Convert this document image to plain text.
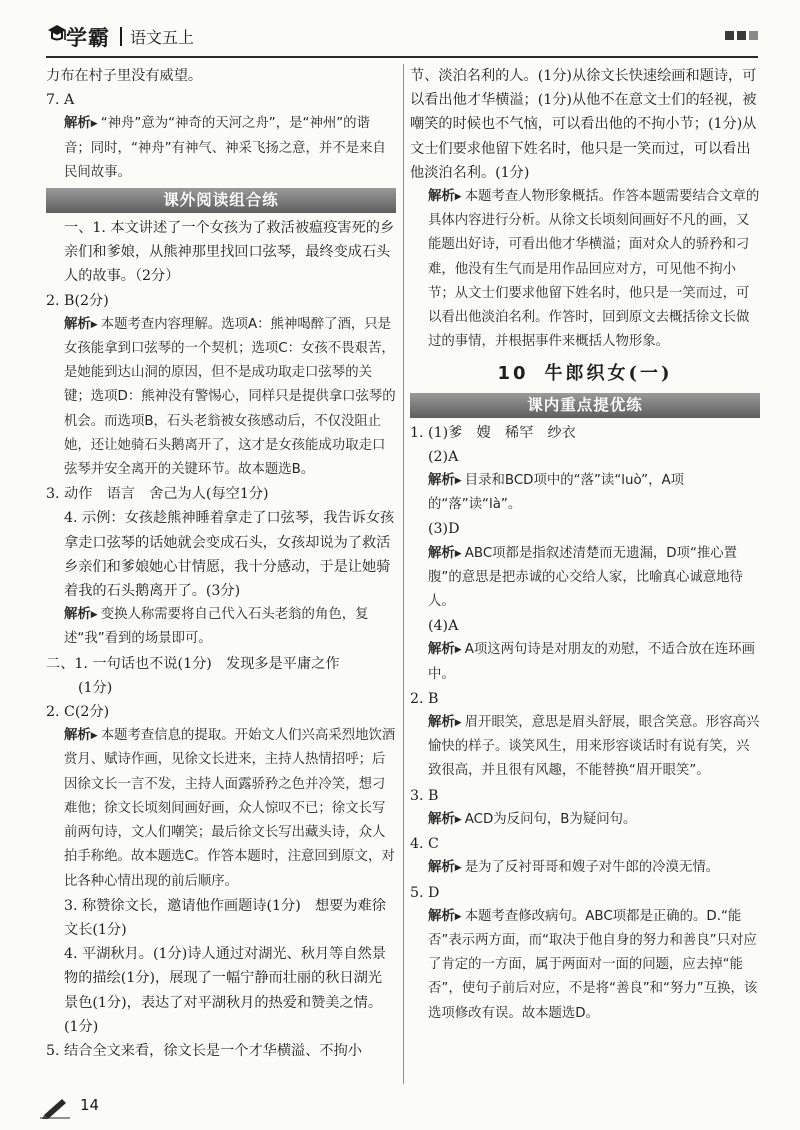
学霸 语文五上

力布在村子里没有威望。

7. A

解析▶ “神舟”意为“神奇的天河之舟”，是“神州”的谐音；同时，“神舟”有神气、神采飞扬之意，并不是来自民间故事。

课外阅读组合练

一、1. 本文讲述了一个女孩为了救活被瘟疫害死的乡亲们和爹娘，从熊神那里找回口弦琴，最终变成石头人的故事。（2分）

2. B(2分)

解析▶ 本题考查内容理解。选项A：熊神喝醉了酒，只是女孩能拿到口弦琴的一个契机；选项C：女孩不畏艰苦，是她能到达山洞的原因，但不是成功取走口弦琴的关键；选项D：熊神没有警惕心，同样只是提供拿口弦琴的机会。而选项B，石头老翁被女孩感动后，不仅没阻止她，还让她骑石头鹅离开了，这才是女孩能成功取走口弦琴并安全离开的关键环节。故本题选B。

3. 动作　语言　舍己为人(每空1分)

4. 示例：女孩趁熊神睡着拿走了口弦琴，我告诉女孩拿走口弦琴的话她就会变成石头，女孩却说为了救活乡亲们和爹娘她心甘情愿，我十分感动，于是让她骑着我的石头鹅离开了。(3分)

解析▶ 变换人称需要将自己代入石头老翁的角色，复述“我”看到的场景即可。

二、1. 一句话也不说(1分)　发现多是平庸之作

(1分)

2. C(2分)

解析▶ 本题考查信息的提取。开始文人们兴高采烈地饮酒赏月、赋诗作画，见徐文长进来，主持人热情招呼；后因徐文长一言不发，主持人面露骄矜之色并冷笑，想刁难他；徐文长顷刻间画好画，众人惊叹不已；徐文长写前两句诗，文人们嘲笑；最后徐文长写出藏头诗，众人拍手称绝。故本题选C。作答本题时，注意回到原文，对比各种心情出现的前后顺序。

3. 称赞徐文长，邀请他作画题诗(1分)　想要为难徐文长(1分)

4. 平湖秋月。(1分)诗人通过对湖光、秋月等自然景物的描绘(1分)，展现了一幅宁静而壮丽的秋日湖光景色(1分)，表达了对平湖秋月的热爱和赞美之情。(1分)

5. 结合全文来看，徐文长是一个才华横溢、不拘小

节、淡泊名利的人。(1分)从徐文长快速绘画和题诗，可以看出他才华横溢；(1分)从他不在意文士们的轻视，被嘲笑的时候也不气恼，可以看出他的不拘小节；(1分)从文士们要求他留下姓名时，他只是一笑而过，可以看出他淡泊名利。(1分)

解析▶ 本题考查人物形象概括。作答本题需要结合文章的具体内容进行分析。从徐文长顷刻间画好不凡的画，又能题出好诗，可看出他才华横溢；面对众人的骄矜和刁难，他没有生气而是用作品回应对方，可见他不拘小节；从文士们要求他留下姓名时，他只是一笑而过，可以看出他淡泊名利。作答时，回到原文去概括徐文长做过的事情，并根据事件来概括人物形象。

10 牛郎织女(一)
课内重点提优练

1. (1)爹　嫂　稀罕　纱衣

(2)A

解析▶ 目录和BCD项中的“落”读“luò”，A项的“落”读“là”。

(3)D

解析▶ ABC项都是指叙述清楚而无遗漏，D项“推心置腹”的意思是把赤诚的心交给人家，比喻真心诚意地待人。

(4)A

解析▶ A项这两句诗是对朋友的劝慰，不适合放在连环画中。

2. B

解析▶ 眉开眼笑，意思是眉头舒展，眼含笑意。形容高兴愉快的样子。谈笑风生，用来形容谈话时有说有笑，兴致很高，并且很有风趣，不能替换“眉开眼笑”。

3. B

解析▶ ACD为反问句，B为疑问句。

4. C

解析▶ 是为了反衬哥哥和嫂子对牛郎的冷漠无情。

5. D

解析▶ 本题考查修改病句。ABC项都是正确的。D.“能否”表示两方面，而“取决于他自身的努力和善良”只对应了肯定的一方面，属于两面对一面的问题，应去掉“能否”，使句子前后对应，不是将“善良”和“努力”互换，该选项修改有误。故本题选D。

14
